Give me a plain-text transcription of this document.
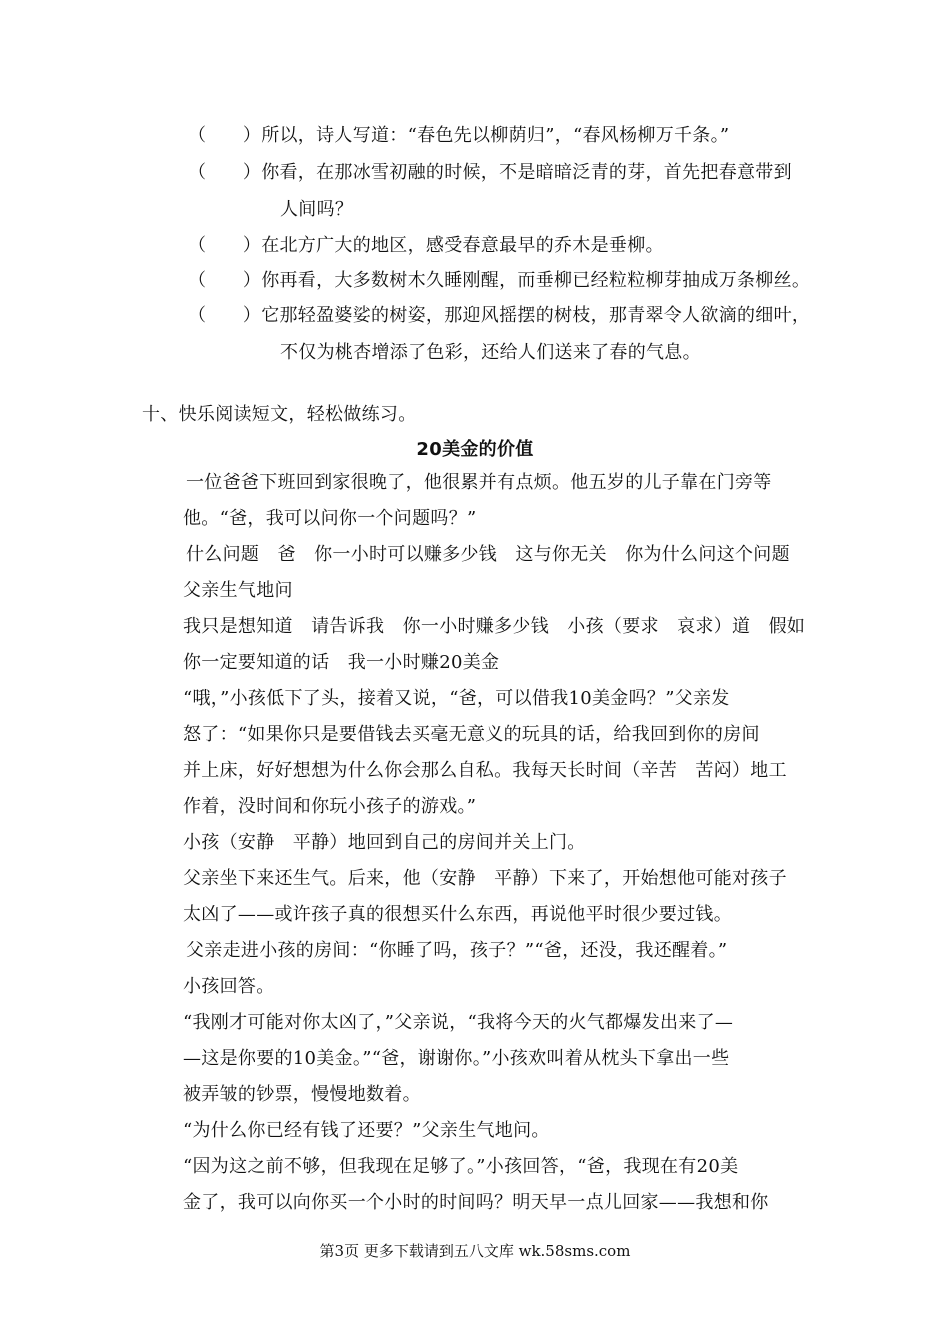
（　　）所以，诗人写道：“春色先以柳荫归”，“春风杨柳万千条。”
（　　）你看，在那冰雪初融的时候，不是暗暗泛青的芽，首先把春意带到
人间吗？
（　　）在北方广大的地区，感受春意最早的乔木是垂柳。
（　　）你再看，大多数树木久睡刚醒，而垂柳已经粒粒柳芽抽成万条柳丝。
（　　）它那轻盈婆娑的树姿，那迎风摇摆的树枝，那青翠令人欲滴的细叶，
不仅为桃杏增添了色彩，还给人们送来了春的气息。
十、快乐阅读短文，轻松做练习。
20美金的价值
一位爸爸下班回到家很晚了，他很累并有点烦。他五岁的儿子靠在门旁等
他。“爸，我可以问你一个问题吗？”
什么问题　爸　你一小时可以赚多少钱　这与你无关　你为什么问这个问题
父亲生气地问
我只是想知道　请告诉我　你一小时赚多少钱　小孩（要求　哀求）道　假如
你一定要知道的话　我一小时赚20美金
“哦，”小孩低下了头，接着又说，“爸，可以借我10美金吗？”父亲发
怒了：“如果你只是要借钱去买毫无意义的玩具的话，给我回到你的房间
并上床，好好想想为什么你会那么自私。我每天长时间（辛苦　苦闷）地工
作着，没时间和你玩小孩子的游戏。”
小孩（安静　平静）地回到自己的房间并关上门。
父亲坐下来还生气。后来，他（安静　平静）下来了，开始想他可能对孩子
太凶了——或许孩子真的很想买什么东西，再说他平时很少要过钱。
父亲走进小孩的房间：“你睡了吗，孩子？”“爸，还没，我还醒着。”
小孩回答。
“我刚才可能对你太凶了，”父亲说，“我将今天的火气都爆发出来了—
—这是你要的10美金。”“爸，谢谢你。”小孩欢叫着从枕头下拿出一些
被弄皱的钞票，慢慢地数着。
“为什么你已经有钱了还要？”父亲生气地问。
“因为这之前不够，但我现在足够了。”小孩回答，“爸，我现在有20美
金了，我可以向你买一个小时的时间吗？明天早一点儿回家——我想和你
第3页 更多下载请到五八文库 wk.58sms.com
